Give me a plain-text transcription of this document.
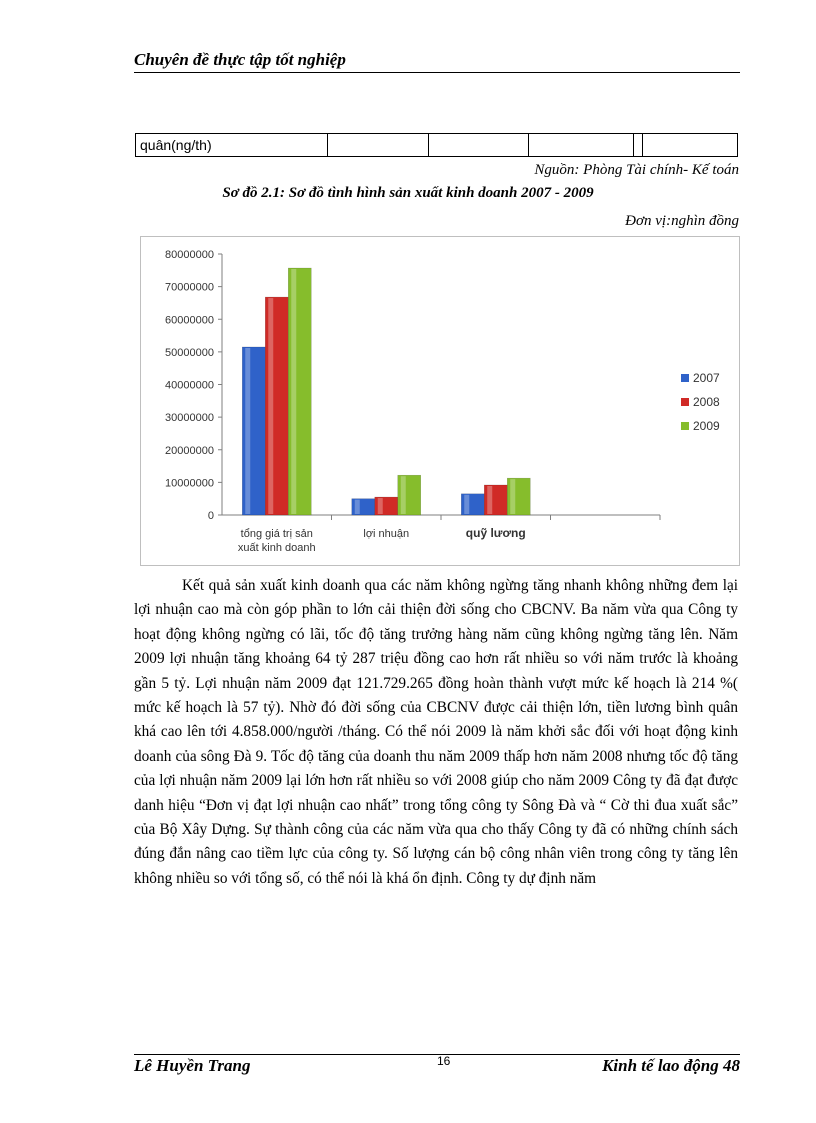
Chuyên đề thực tập tốt nghiệp
quân(ng/th)					
Nguồn: Phòng Tài chính- Kế toán
Sơ đồ 2.1: Sơ đồ tình hình sản xuất kinh doanh 2007 - 2009
Đơn vị:nghìn đồng
0
10000000
20000000
30000000
40000000
50000000
60000000
70000000
80000000
tổng giá trị sản
xuất kinh doanh
lợi nhuận	quỹ lương
2007
2008
2009

Kết quả sản xuất kinh doanh qua các năm không ngừng tăng nhanh không những đem lại lợi nhuận cao mà còn góp phần to lớn cải thiện đời sống cho CBCNV. Ba năm vừa qua Công ty hoạt động không ngừng có lãi, tốc độ tăng trưởng hàng năm cũng không ngừng tăng lên. Năm 2009 lợi nhuận tăng khoảng 64 tỷ 287 triệu đồng cao hơn rất nhiều so với năm trước là khoảng gần 5 tỷ. Lợi nhuận năm 2009 đạt 121.729.265 đồng hoàn thành vượt mức kế hoạch là 214 %( mức kế hoạch là 57 tỷ). Nhờ đó đời sống của CBCNV được cải thiện lớn, tiền lương bình quân khá cao lên tới 4.858.000/người /tháng. Có thể nói 2009 là năm khởi sắc đối với hoạt động kinh doanh của sông Đà 9. Tốc độ tăng của doanh thu năm 2009 thấp hơn năm 2008 nhưng tốc độ tăng của lợi nhuận năm 2009 lại lớn hơn rất nhiều so với 2008 giúp cho năm 2009 Công ty đã đạt được danh hiệu “Đơn vị đạt lợi nhuận cao nhất” trong tổng công ty Sông Đà và “ Cờ thi đua xuất sắc” của Bộ Xây Dựng. Sự thành công của các năm vừa qua cho thấy Công ty đã có những chính sách đúng đắn nâng cao tiềm lực của công ty. Số lượng cán bộ công nhân viên trong công ty tăng lên không nhiều so với tổng số, có thể nói là khá ổn định. Công ty dự định năm

Lê Huyền Trang	16	Kinh tế lao động 48
